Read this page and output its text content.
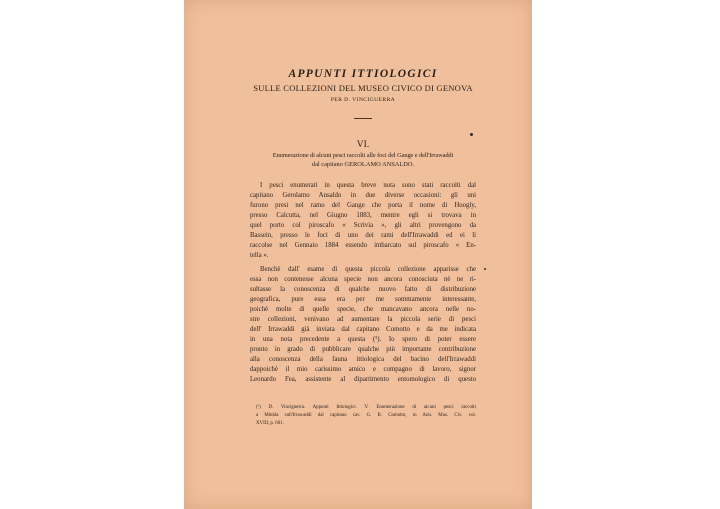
APPUNTI ITTIOLOGICI
SULLE COLLEZIONI DEL MUSEO CIVICO DI GENOVA
PER D. VINCIGUERRA
VI.
Enumerazione di alcuni pesci raccolti alle foci del Gange e dell'Irrawaddi
dal capitano GEROLAMO ANSALDO.
I pesci enumerati in questa breve nota sono stati raccolti dal
capitano Gerolamo Ansaldo in due diverse occasioni: gli uni
furono presi nel ramo del Gange che porta il nome di Hoogly,
presso Calcutta, nel Giugno 1883, mentre egli si trovava in
quel porto col piroscafo « Scrivia », gli altri provengono da
Bassein, presso le foci di uno dei rami dell'Irrawaddi ed ei li
raccolse nel Gennaio 1884 essendo imbarcato sul piroscafo « En-
tella ».
Benchè dall' esame di questa piccola collezione apparisse che
essa non contenesse alcuna specie non ancora conosciuta nè ne ri-
sultasse la conoscenza di qualche nuovo fatto di distribuzione
geografica, pure essa era per me sommamente interessante,
poichè molte di quelle specie, che mancavano ancora nelle no-
stre collezioni, venivano ad aumentare la piccola serie di pesci
dell' Irrawaddi già inviata dal capitano Comotto e da me indicata
in una nota precedente a questa (¹). Io spero di poter essere
pronto in grado di pubblicare qualche più importante contribuzione
alla conoscenza della fauna ittiologica del bacino dell'Irrawaddi
dappoichè il mio carissimo amico e compagno di lavoro, signor
Leonardo Fea, assistente al dipartimento entomologico di questo
(¹) D. Vinciguerra. Appunti Ittiologici. V. Enumerazione di alcuni pesci raccolti
a Minhla sull'Irrawaddi dal capitano cav. G. B. Comotto, in Ann. Mus. Civ. vol.
XVIII, p. 601.
